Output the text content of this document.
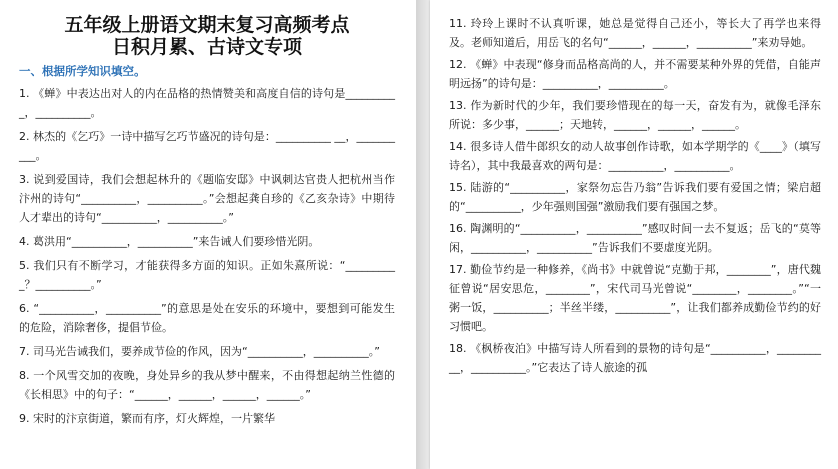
五年级上册语文期末复习高频考点
日积月累、古诗文专项
一、根据所学知识填空。

1. 《蝉》中表达出对人的内在品格的热情赞美和高度自信的诗句是__________，__________。

2. 林杰的《乞巧》一诗中描写乞巧节盛况的诗句是：__________ __，__________。

3. 说到爱国诗，我们会想起林升的《题临安邸》中讽刺达官贵人把杭州当作汴州的诗句“__________，__________。”会想起龚自珍的《乙亥杂诗》中期待人才辈出的诗句“__________，__________。”

4. 葛洪用“__________，__________”来告诫人们要珍惜光阴。

5. 我们只有不断学习，才能获得多方面的知识。正如朱熹所说：“__________？__________。”

6. “__________，__________”的意思是处在安乐的环境中，要想到可能发生的危险，消除奢侈，提倡节俭。

7. 司马光告诫我们，要养成节俭的作风，因为“__________，__________。”

8. 一个风雪交加的夜晚，身处异乡的我从梦中醒来，不由得想起纳兰性德的《长相思》中的句子：“______，______，______，______。”

9. 宋时的汴京街道，繁而有序，灯火辉煌，一片繁华

11. 玲玲上课时不认真听课，她总是觉得自己还小，等长大了再学也来得及。老师知道后，用岳飞的名句“______，______，__________”来劝导她。

12. 《蝉》中表现“修身而品格高尚的人，并不需要某种外界的凭借，自能声明远扬”的诗句是：__________，__________。

13. 作为新时代的少年，我们要珍惜现在的每一天，奋发有为，就像毛泽东所说：多少事，______；天地转，______，______，______。

14. 很多诗人借牛郎织女的动人故事创作诗歌，如本学期学的《____》（填写诗名），其中我最喜欢的两句是：__________，__________。

15. 陆游的“__________，家祭勿忘告乃翁”告诉我们要有爱国之情；梁启超的“__________，少年强则国强”激励我们要有强国之梦。

16. 陶渊明的“__________，__________”感叹时间一去不复返；岳飞的“莫等闲，__________，__________”告诉我们不要虚度光阴。

17. 勤俭节约是一种修养，《尚书》中就曾说“克勤于邦，________”，唐代魏征曾说“居安思危，________”，宋代司马光曾说“________，________。”“一粥一饭，__________；半丝半缕，__________”，让我们都养成勤俭节约的好习惯吧。

18. 《枫桥夜泊》中描写诗人所看到的景物的诗句是“__________，__________，__________。”它表达了诗人旅途的孤
